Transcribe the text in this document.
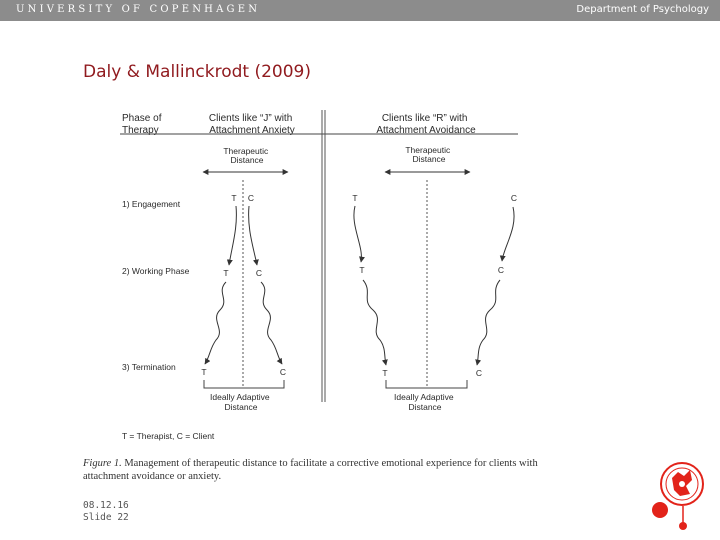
UNIVERSITY OF COPENHAGEN	Department of Psychology
Daly & Mallinckrodt (2009)
Phase of Therapy
Clients like “J” with Attachment Anxiety
Clients like “R” with Attachment Avoidance
Therapeutic Distance
Therapeutic Distance
1) Engagement
2) Working Phase
3) Termination
T C
T	C
T	C
T	C
T	C
T	C
Ideally Adaptive Distance
Ideally Adaptive Distance
T = Therapist, C = Client
Figure 1. Management of therapeutic distance to facilitate a corrective emotional experience for clients with attachment avoidance or anxiety.
08.12.16
Slide 22
